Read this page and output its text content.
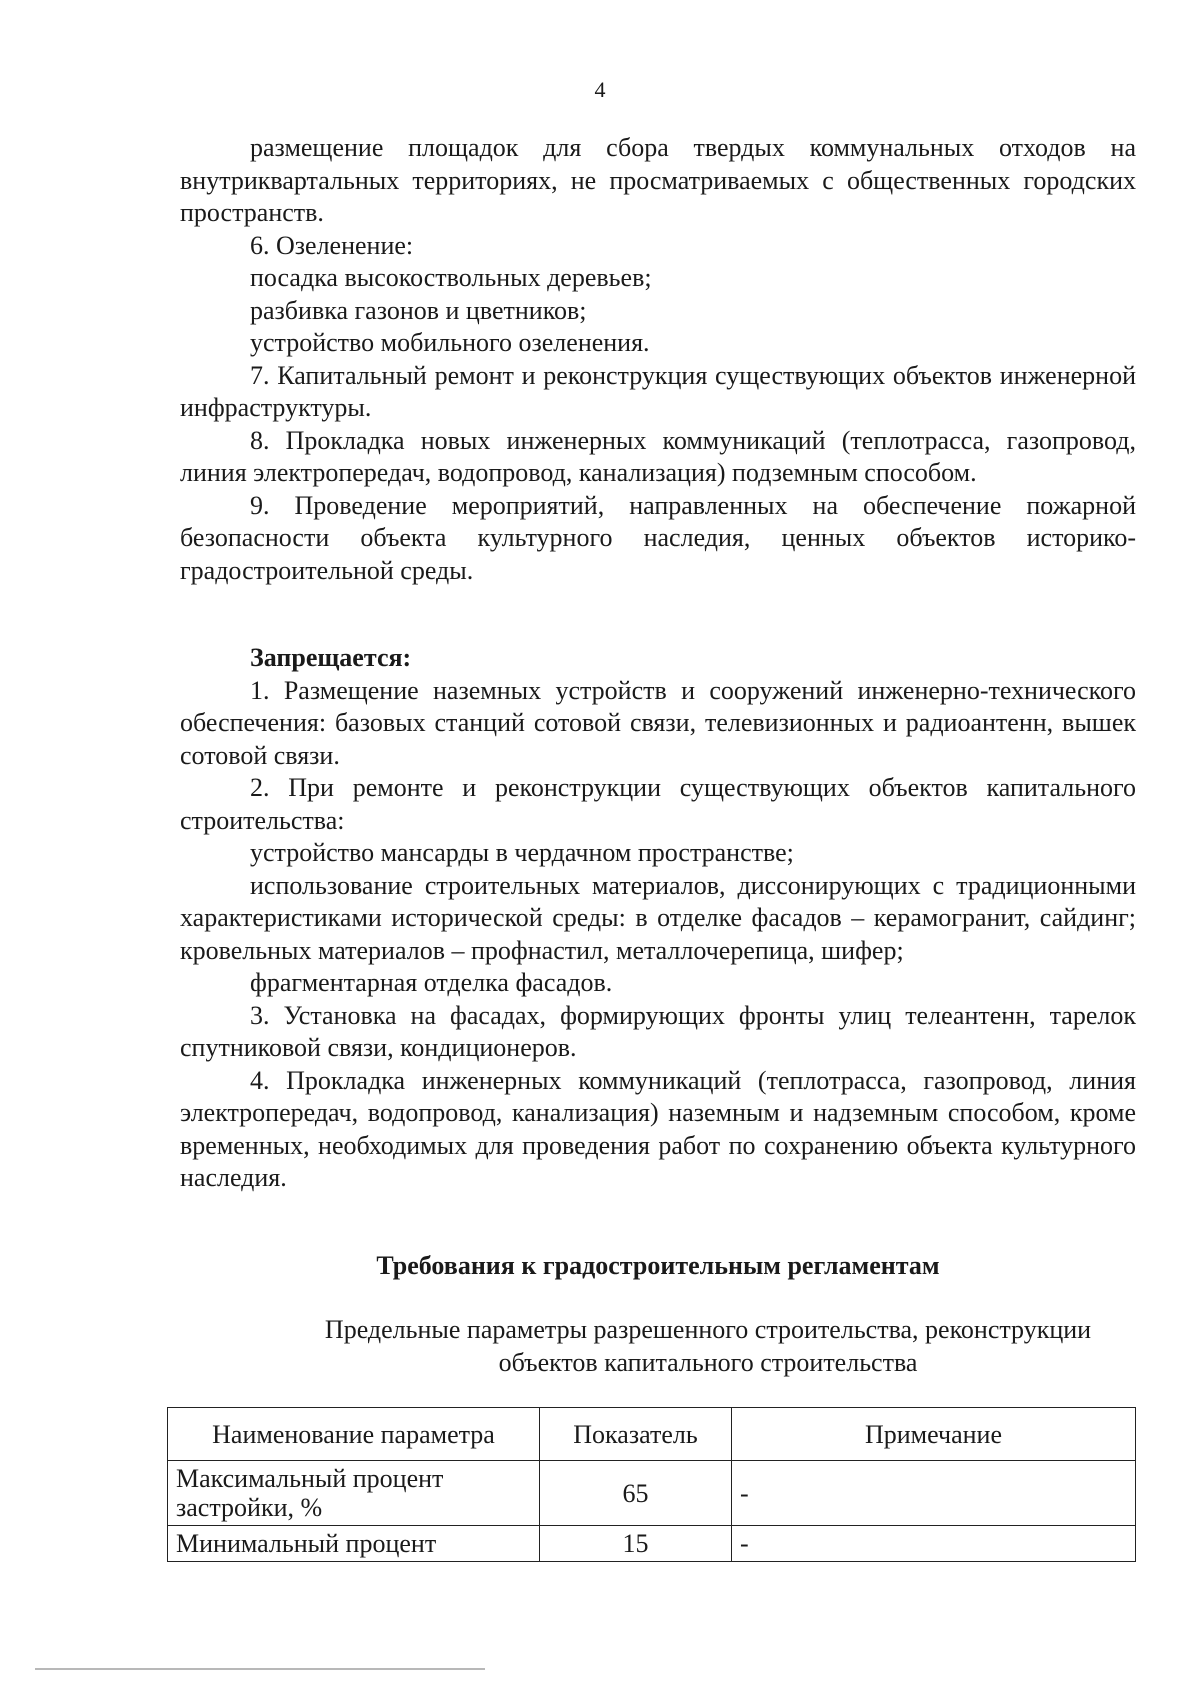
4

размещение площадок для сбора твердых коммунальных отходов на внутриквартальных территориях, не просматриваемых с общественных городских пространств.

6. Озеленение:

посадка высокоствольных деревьев;

разбивка газонов и цветников;

устройство мобильного озеленения.

7. Капитальный ремонт и реконструкция существующих объектов инженерной инфраструктуры.

8. Прокладка новых инженерных коммуникаций (теплотрасса, газопровод, линия электропередач, водопровод, канализация) подземным способом.

9. Проведение мероприятий, направленных на обеспечение пожарной безопасности объекта культурного наследия, ценных объектов историко-градостроительной среды.

Запрещается:

1. Размещение наземных устройств и сооружений инженерно-технического обеспечения: базовых станций сотовой связи, телевизионных и радиоантенн, вышек сотовой связи.

2. При ремонте и реконструкции существующих объектов капитального строительства:

устройство мансарды в чердачном пространстве;

использование строительных материалов, диссонирующих с традиционными характеристиками исторической среды: в отделке фасадов – керамогранит, сайдинг; кровельных материалов – профнастил, металлочерепица, шифер;

фрагментарная отделка фасадов.

3. Установка на фасадах, формирующих фронты улиц телеантенн, тарелок спутниковой связи, кондиционеров.

4. Прокладка инженерных коммуникаций (теплотрасса, газопровод, линия электропередач, водопровод, канализация) наземным и надземным способом, кроме временных, необходимых для проведения работ по сохранению объекта культурного наследия.

Требования к градостроительным регламентам
Предельные параметры разрешенного строительства, реконструкции
объектов капитального строительства
Наименование параметра	Показатель	Примечание
Максимальный процент застройки, %	65	-
Минимальный процент	15	-
